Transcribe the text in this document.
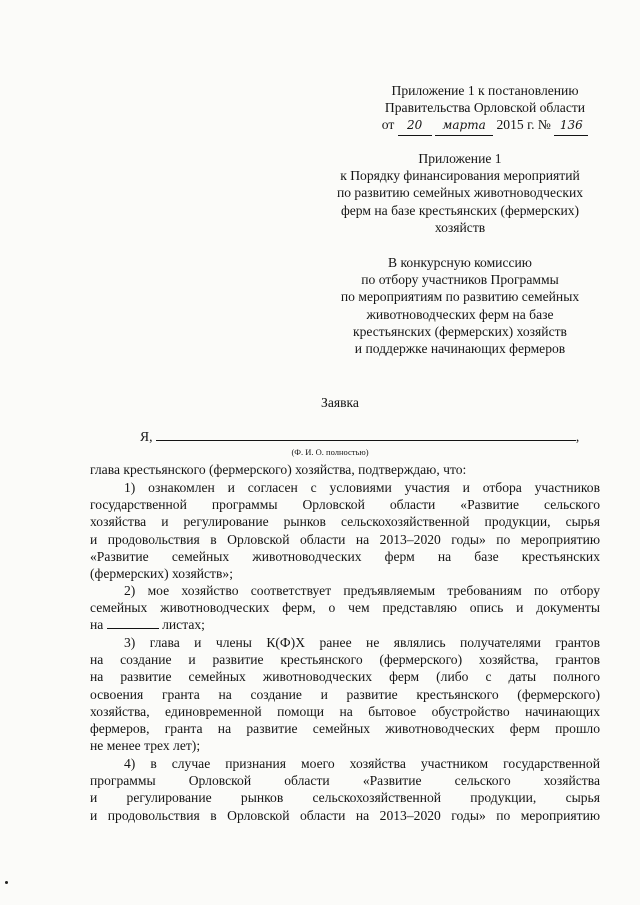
Приложение 1 к постановлению
Правительства Орловской области
от 20 марта 2015 г. № 136
Приложение 1
к Порядку финансирования мероприятий
по развитию семейных животноводческих
ферм на базе крестьянских (фермерских)
хозяйств
В конкурсную комиссию
по отбору участников Программы
по мероприятиям по развитию семейных
животноводческих ферм на базе
крестьянских (фермерских) хозяйств
и поддержке начинающих фермеров
Заявка
Я,	,
(Ф. И. О. полностью)
глава крестьянского (фермерского) хозяйства, подтверждаю, что:
1) ознакомлен и согласен с условиями участия и отбора участников
государственной программы Орловской области «Развитие сельского
хозяйства и регулирование рынков сельскохозяйственной продукции, сырья
и продовольствия в Орловской области на 2013–2020 годы» по мероприятию
«Развитие семейных животноводческих ферм на базе крестьянских
(фермерских) хозяйств»;
2) мое хозяйство соответствует предъявляемым требованиям по отбору
семейных животноводческих ферм, о чем представляю опись и документы
на	листах;
3) глава и члены К(Ф)Х ранее не являлись получателями грантов
на создание и развитие крестьянского (фермерского) хозяйства, грантов
на развитие семейных животноводческих ферм (либо с даты полного
освоения гранта на создание и развитие крестьянского (фермерского)
хозяйства, единовременной помощи на бытовое обустройство начинающих
фермеров, гранта на развитие семейных животноводческих ферм прошло
не менее трех лет);
4) в случае признания моего хозяйства участником государственной
программы Орловской области «Развитие сельского хозяйства
и регулирование рынков сельскохозяйственной продукции, сырья
и продовольствия в Орловской области на 2013–2020 годы» по мероприятию
